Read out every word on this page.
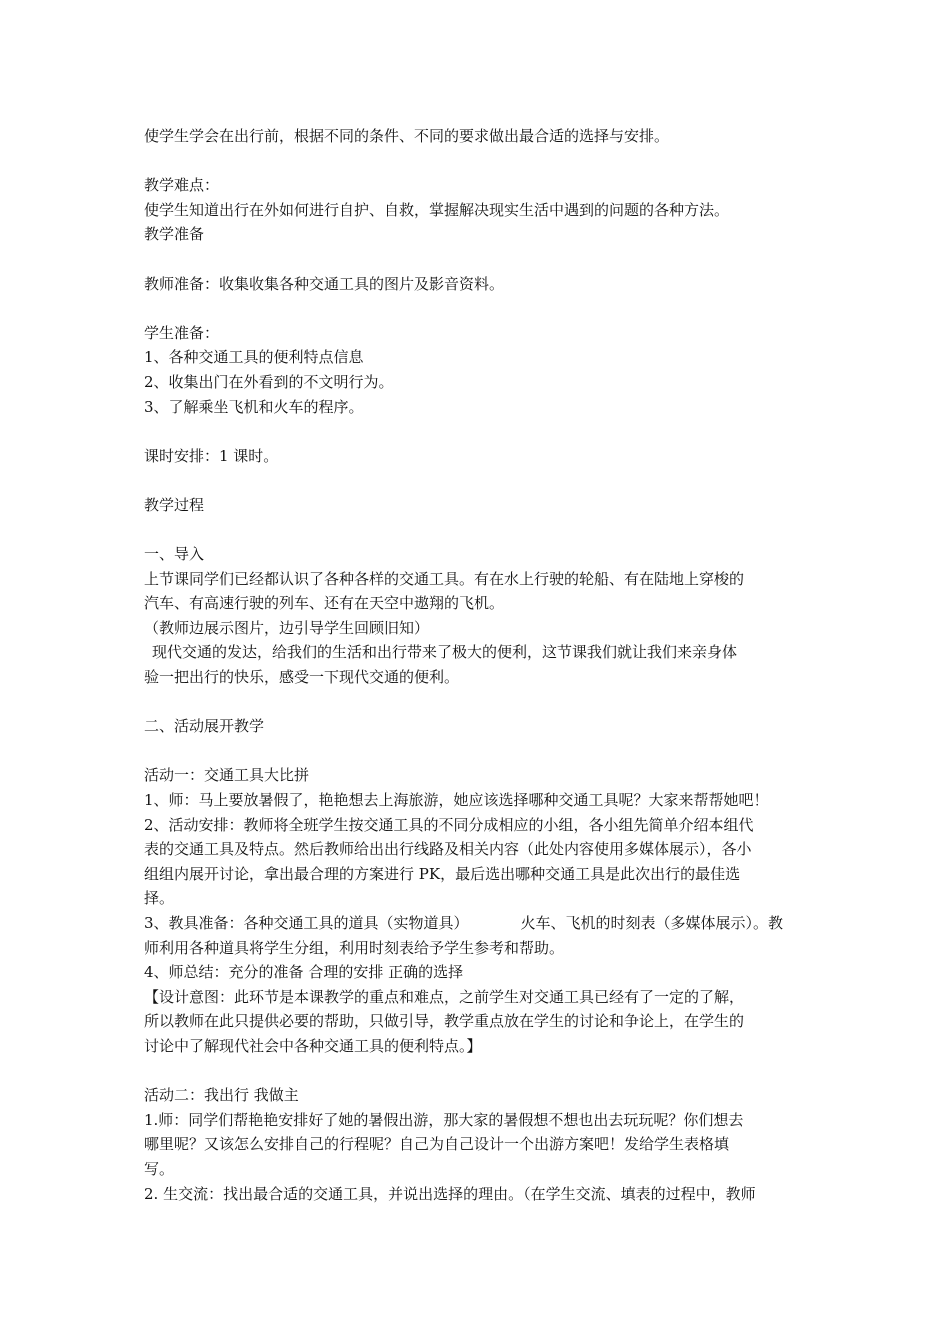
使学生学会在出行前，根据不同的条件、不同的要求做出最合适的选择与安排。
教学难点：
使学生知道出行在外如何进行自护、自救，掌握解决现实生活中遇到的问题的各种方法。
教学准备
教师准备：收集收集各种交通工具的图片及影音资料。
学生准备：
1、各种交通工具的便利特点信息
2、收集出门在外看到的不文明行为。
3、了解乘坐飞机和火车的程序。
课时安排：1 课时。
教学过程
一、导入
上节课同学们已经都认识了各种各样的交通工具。有在水上行驶的轮船、有在陆地上穿梭的
汽车、有高速行驶的列车、还有在天空中遨翔的飞机。
（教师边展示图片，边引导学生回顾旧知）
现代交通的发达，给我们的生活和出行带来了极大的便利，这节课我们就让我们来亲身体
验一把出行的快乐，感受一下现代交通的便利。
二、活动展开教学
活动一：交通工具大比拼
1、师：马上要放暑假了，艳艳想去上海旅游，她应该选择哪种交通工具呢？大家来帮帮她吧！
2、活动安排：教师将全班学生按交通工具的不同分成相应的小组，各小组先简单介绍本组代
表的交通工具及特点。然后教师给出出行线路及相关内容（此处内容使用多媒体展示），各小
组组内展开讨论，拿出最合理的方案进行 PK，最后选出哪种交通工具是此次出行的最佳选
择。
3、教具准备：各种交通工具的道具（实物道具）	火车、飞机的时刻表（多媒体展示）。教
师利用各种道具将学生分组，利用时刻表给予学生参考和帮助。
4、师总结：充分的准备 合理的安排 正确的选择
【设计意图：此环节是本课教学的重点和难点，之前学生对交通工具已经有了一定的了解，
所以教师在此只提供必要的帮助，只做引导，教学重点放在学生的讨论和争论上，在学生的
讨论中了解现代社会中各种交通工具的便利特点。】
活动二：我出行 我做主
1.师：同学们帮艳艳安排好了她的暑假出游，那大家的暑假想不想也出去玩玩呢？你们想去
哪里呢？又该怎么安排自己的行程呢？自己为自己设计一个出游方案吧！发给学生表格填
写。
2. 生交流：找出最合适的交通工具，并说出选择的理由。（在学生交流、填表的过程中，教师
